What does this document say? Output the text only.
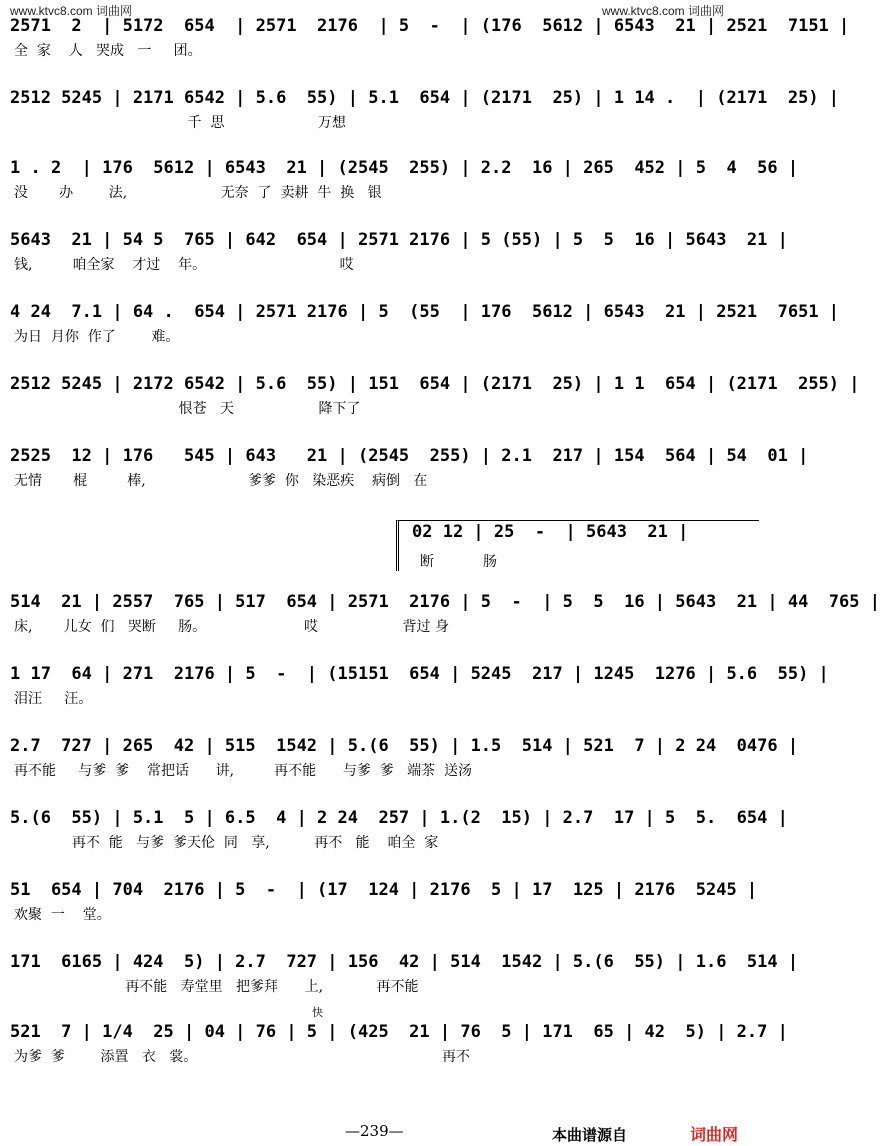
www.ktvc8.com 词曲网	www.ktvc8.com 词曲网
2571  2  | 5172  654  | 2571  2176  | 5  -  | (176  5612 | 6543  21 | 2521  7151 |
全  家    人   哭成   一     团。
2512 5245 | 2171 6542 | 5.6  55) | 5.1  654 | (2171  25) | 1 14 .  | (2171  25) |
千  思                     万想
1 . 2  | 176  5612 | 6543  21 | (2545  255) | 2.2  16 | 265  452 | 5  4  56 |
没       办        法,                     无奈  了  卖耕  牛  换   银
5643  21 | 54 5  765 | 642  654 | 2571 2176 | 5 (55) | 5  5  16 | 5643  21 |
钱,         咱全家    才过    年。                              哎
4 24  7.1 | 64 .  654 | 2571 2176 | 5  (55  | 176  5612 | 6543  21 | 2521  7651 |
为日  月你  作了        难。
2512 5245 | 2172 6542 | 5.6  55) | 151  654 | (2171  25) | 1 1  654 | (2171  255) |
恨苍   天                   降下了
2525  12 | 176   545 | 643   21 | (2545  255) | 2.1  217 | 154  564 | 54  01 |
无情       棍         棒,                       爹爹  你   染恶疾    病倒   在
514  21 | 2557  765 | 517  654 | 2571  2176 | 5  -  | 5  5  16 | 5643  21 | 44  765 |
床,       儿女  们   哭断     肠。                      哎                   背过 身
1 17  64 | 271  2176 | 5  -  | (15151  654 | 5245  217 | 1245  1276 | 5.6  55) |
泪汪     汪。
2.7  727 | 265  42 | 515  1542 | 5.(6  55) | 1.5  514 | 521  7 | 2 24  0476 |
再不能     与爹  爹    常把话      讲,         再不能      与爹  爹   端茶  送汤
5.(6  55) | 5.1  5 | 6.5  4 | 2 24  257 | 1.(2  15) | 2.7  17 | 5  5.  654 |
再不  能   与爹  爹天伦  同   享,          再不   能    咱全  家
51  654 | 704  2176 | 5  -  | (17  124 | 2176  5 | 17  125 | 2176  5245 |
欢聚  一    堂。
171  6165 | 424  5) | 2.7  727 | 156  42 | 514  1542 | 5.(6  55) | 1.6  514 |
再不能   寿堂里   把爹拜      上,            再不能
521  7 | 1/4  25 | 04 | 76 | 5 | (425  21 | 76  5 | 171  65 | 42  5) | 2.7 |
为爹  爹        添置   衣   裳。                                                       再不
02 12 | 25  -  | 5643  21 |
断           肠
快
—239—	本曲谱源自	词曲网
